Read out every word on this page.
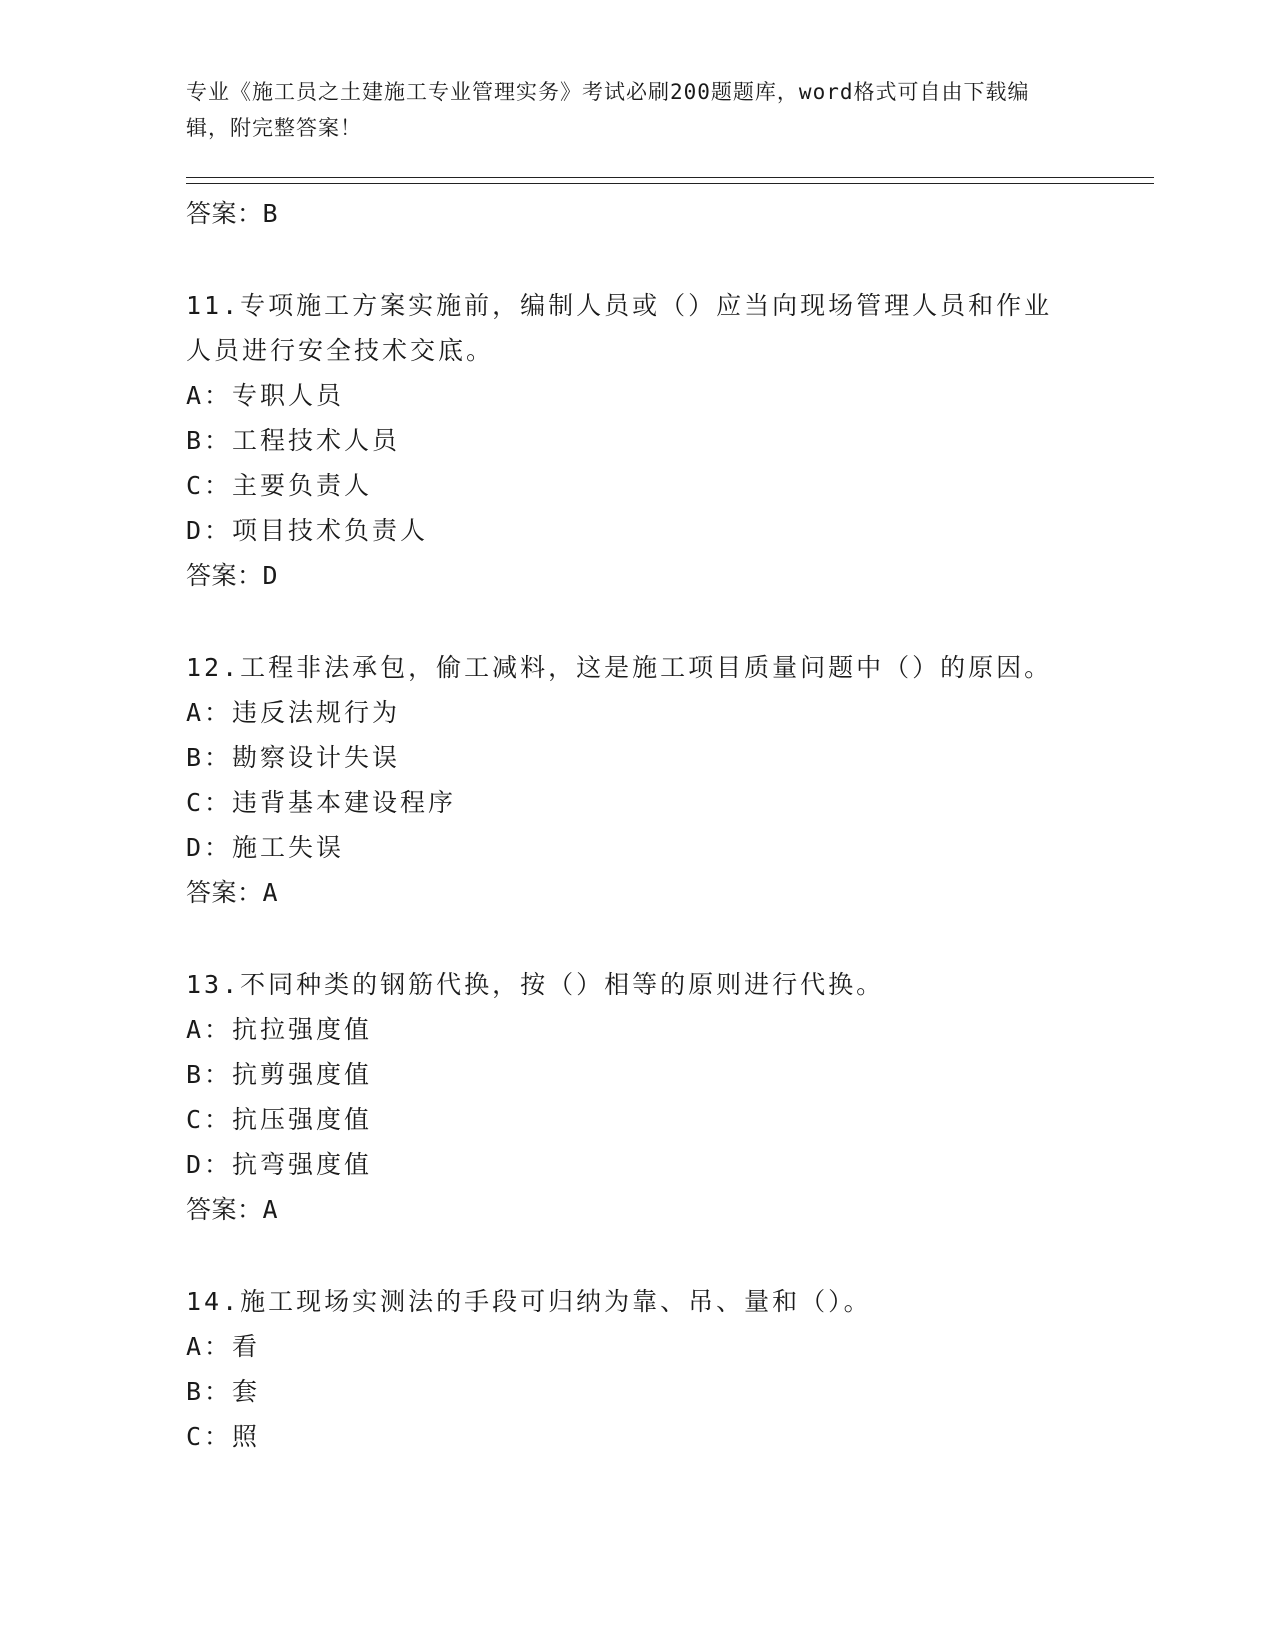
专业《施工员之土建施工专业管理实务》考试必刷200题题库，word格式可自由下载编辑，附完整答案！
答案：B
11.专项施工方案实施前，编制人员或（）应当向现场管理人员和作业
人员进行安全技术交底。
A：专职人员
B：工程技术人员
C：主要负责人
D：项目技术负责人
答案：D
12.工程非法承包，偷工减料，这是施工项目质量问题中（）的原因。
A：违反法规行为
B：勘察设计失误
C：违背基本建设程序
D：施工失误
答案：A
13.不同种类的钢筋代换，按（）相等的原则进行代换。
A：抗拉强度值
B：抗剪强度值
C：抗压强度值
D：抗弯强度值
答案：A
14.施工现场实测法的手段可归纳为靠、吊、量和（）。
A：看
B：套
C：照
